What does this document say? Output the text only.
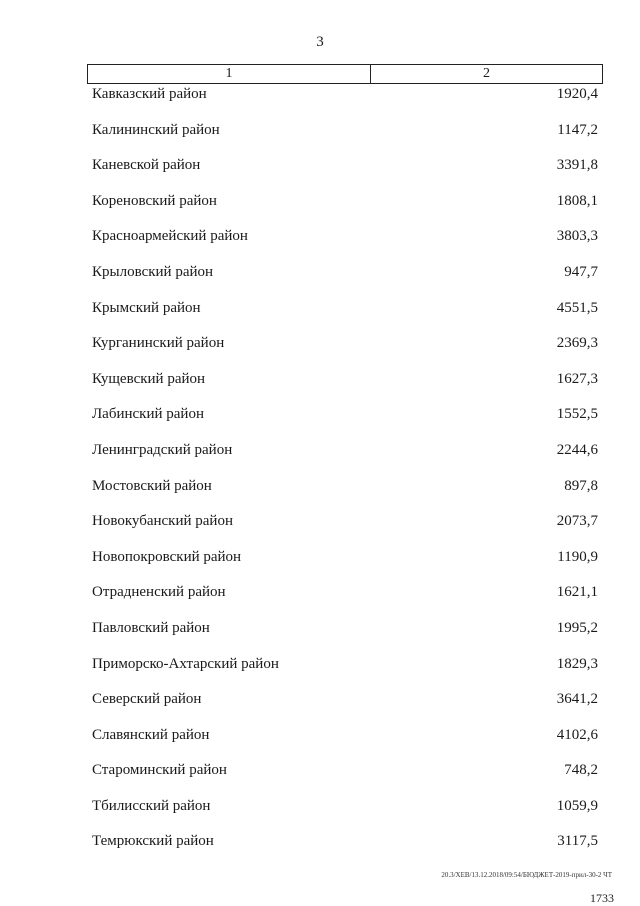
3
1	2
Кавказский район	1920,4
Калининский район	1147,2
Каневской район	3391,8
Кореновский район	1808,1
Красноармейский район	3803,3
Крыловский район	947,7
Крымский район	4551,5
Курганинский район	2369,3
Кущевский район	1627,3
Лабинский район	1552,5
Ленинградский район	2244,6
Мостовский район	897,8
Новокубанский район	2073,7
Новопокровский район	1190,9
Отрадненский район	1621,1
Павловский район	1995,2
Приморско-Ахтарский район	1829,3
Северский район	3641,2
Славянский район	4102,6
Староминский район	748,2
Тбилисский район	1059,9
Темрюкский район	3117,5
20.3/ХЕВ/13.12.2018/09:54/БЮДЖЕТ-2019-прил-30-2 ЧТ
1733
